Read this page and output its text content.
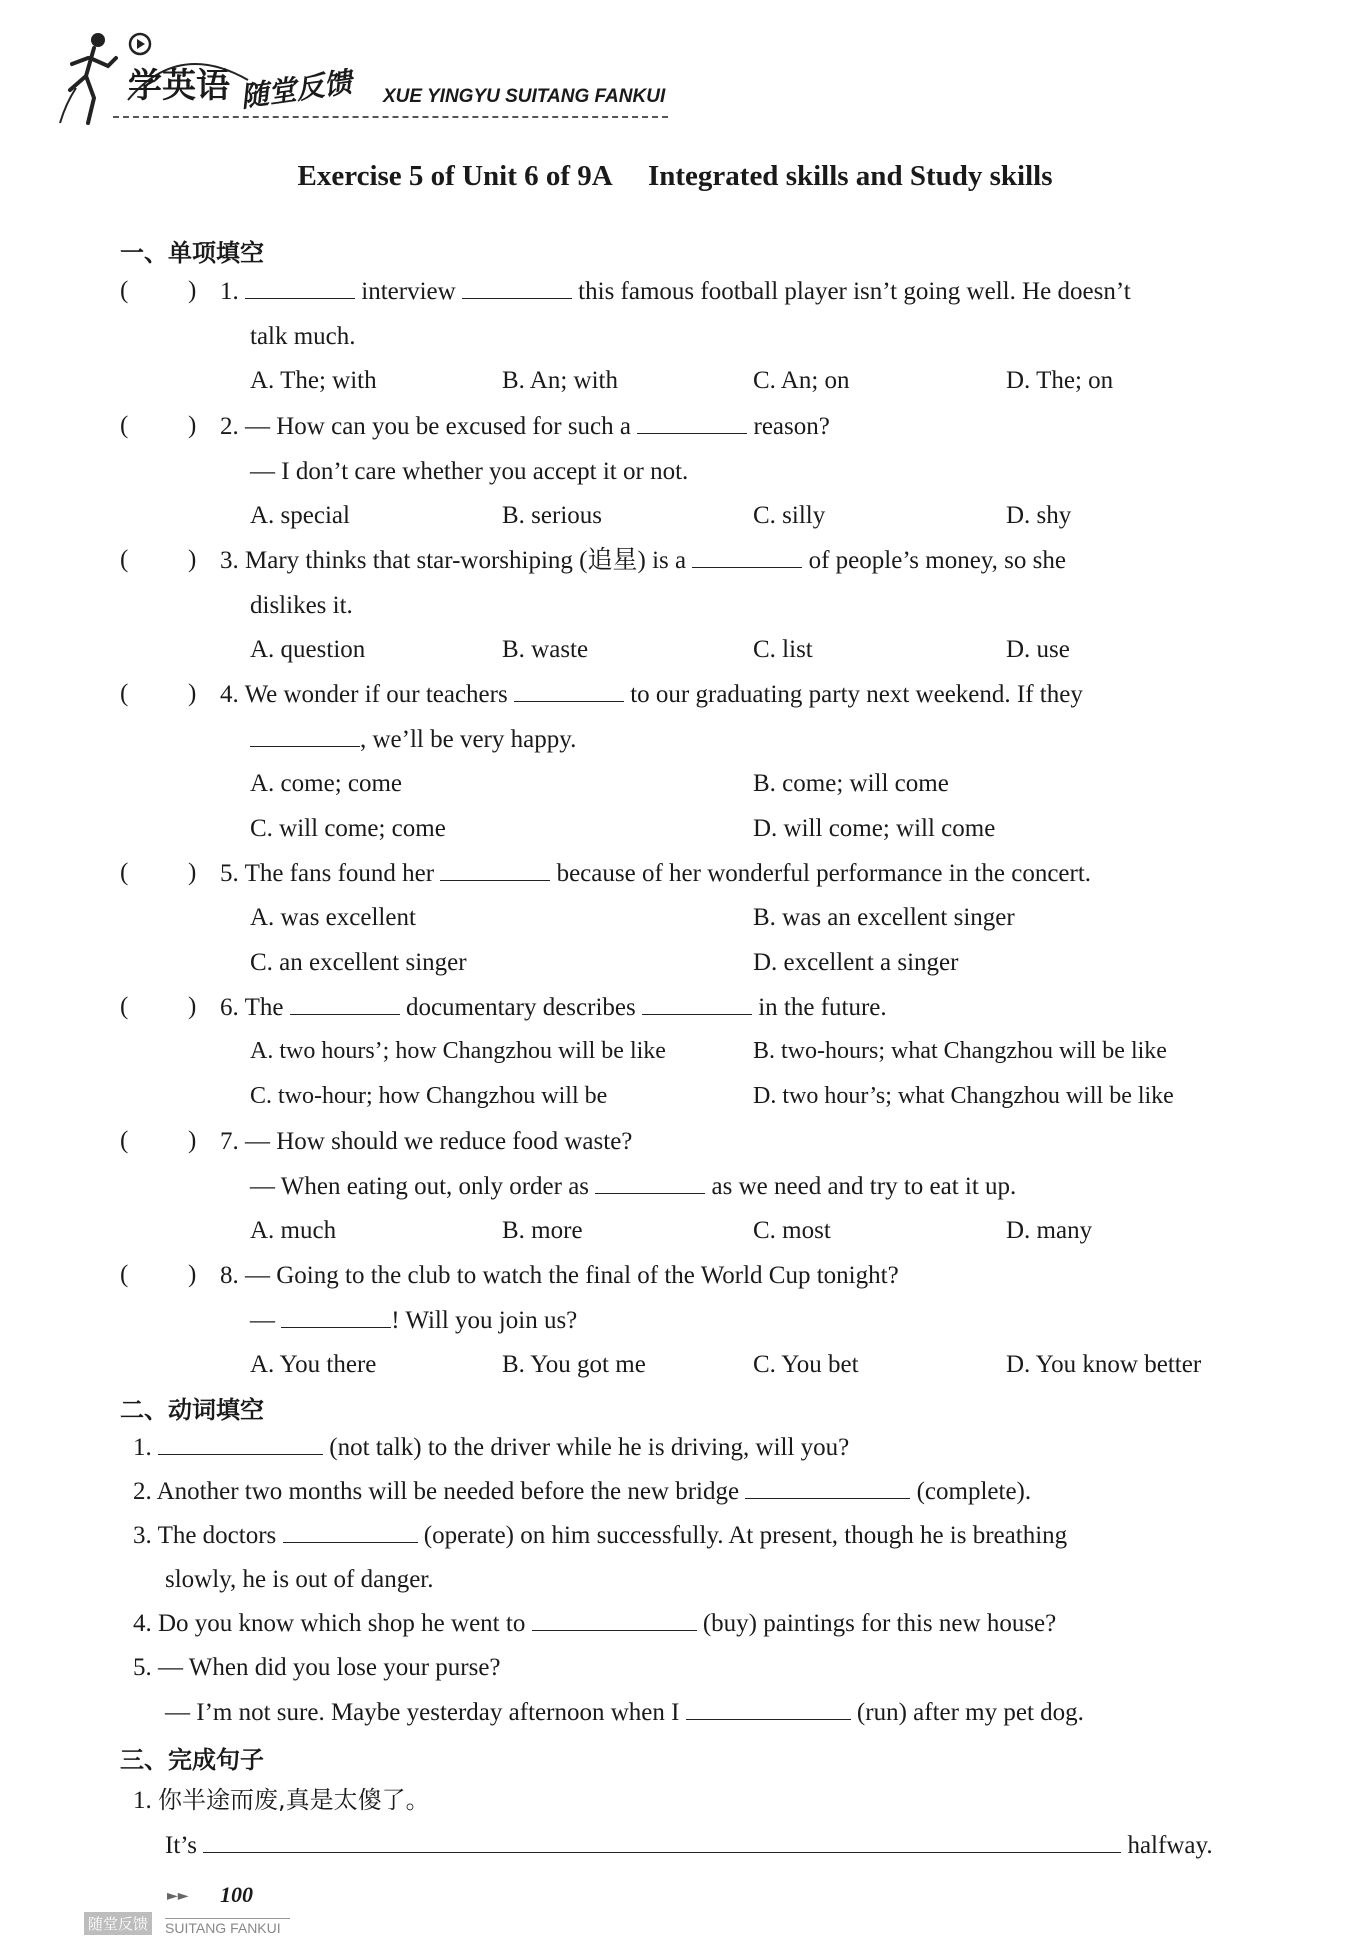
学英语 随堂反馈 XUE YINGYU SUITANG FANKUI
Exercise 5 of Unit 6 of 9A Integrated skills and Study skills
一、单项填空
( ) 1.	interview	this famous football player isn’t going well. He doesn’t
talk much.
A. The; with	B. An; with	C. An; on	D. The; on
( ) 2. — How can you be excused for such a	reason?
— I don’t care whether you accept it or not.
A. special	B. serious	C. silly	D. shy
( ) 3. Mary thinks that star-worshiping (追星) is a	of people’s money, so she
dislikes it.
A. question	B. waste	C. list	D. use
( ) 4. We wonder if our teachers	to our graduating party next weekend. If they
, we’ll be very happy.
A. come; come	B. come; will come
C. will come; come	D. will come; will come
( ) 5. The fans found her	because of her wonderful performance in the concert.
A. was excellent	B. was an excellent singer
C. an excellent singer	D. excellent a singer
( ) 6. The	documentary describes	in the future.
A. two hours’; how Changzhou will be like	B. two-hours; what Changzhou will be like
C. two-hour; how Changzhou will be	D. two hour’s; what Changzhou will be like
( ) 7. — How should we reduce food waste?
— When eating out, only order as	as we need and try to eat it up.
A. much	B. more	C. most	D. many
( ) 8. — Going to the club to watch the final of the World Cup tonight?
—	! Will you join us?
A. You there	B. You got me	C. You bet	D. You know better
二、动词填空
1.	(not talk) to the driver while he is driving, will you?
2. Another two months will be needed before the new bridge	(complete).
3. The doctors	(operate) on him successfully. At present, though he is breathing
slowly, he is out of danger.
4. Do you know which shop he went to	(buy) paintings for this new house?
5. — When did you lose your purse?
— I’m not sure. Maybe yesterday afternoon when I	(run) after my pet dog.
三、完成句子
1. 你半途而废,真是太傻了。
It’s	halfway.
►► 100
随堂反馈 SUITANG FANKUI
